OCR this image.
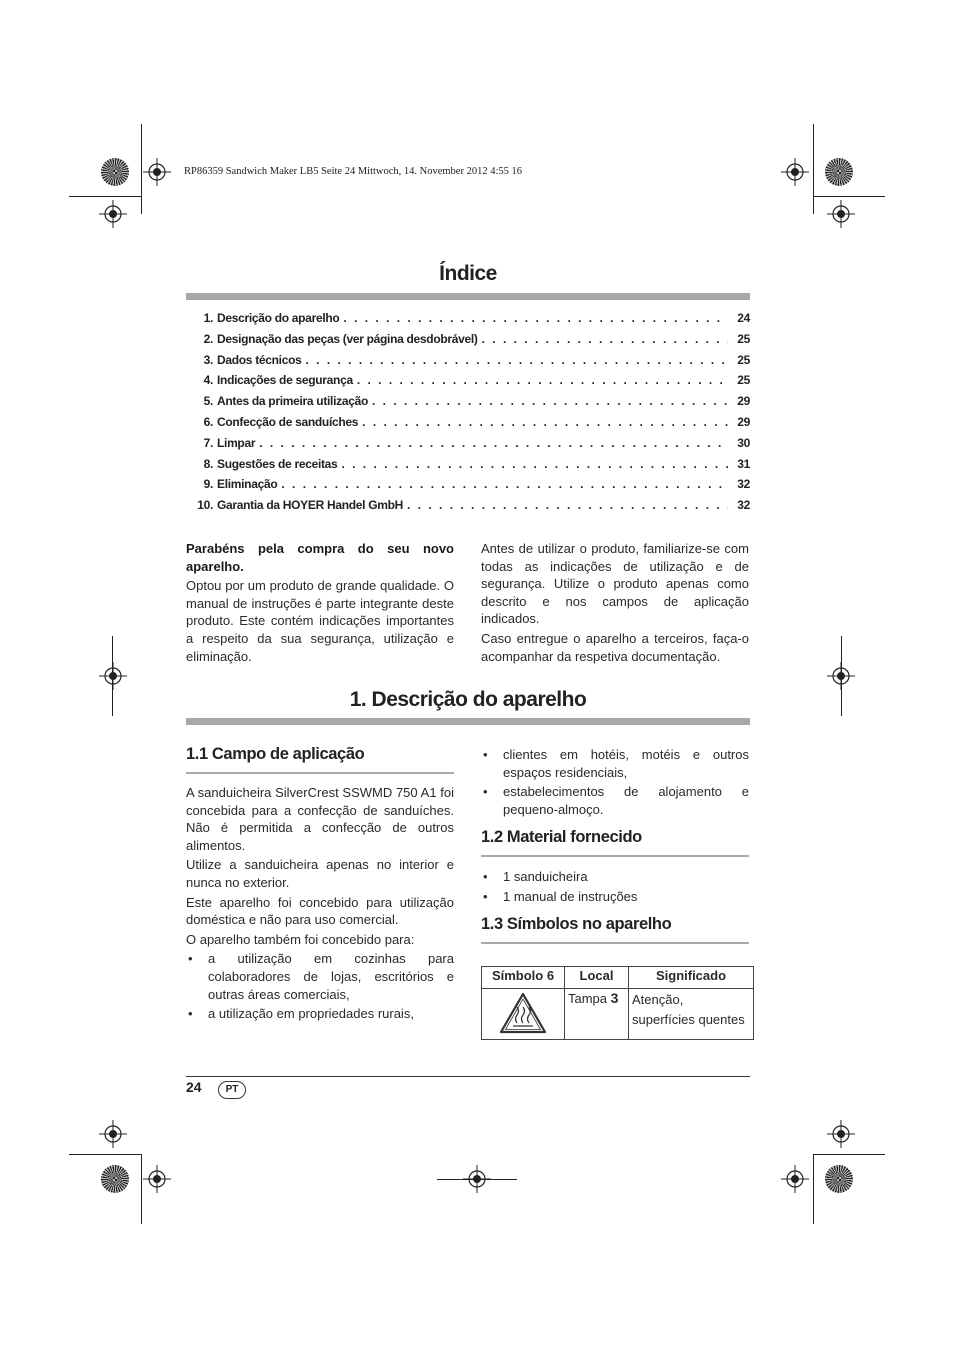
RP86359 Sandwich Maker LB5 Seite 24 Mittwoch, 14. November 2012 4:55 16
Índice
1. Descrição do aparelho . . .	24
2. Designação das peças (ver página desdobrável) . . .	25
3. Dados técnicos . . .	25
4. Indicações de segurança . . .	25
5. Antes da primeira utilização . . .	29
6. Confecção de sanduíches . . .	29
7. Limpar . . .	30
8. Sugestões de receitas . . .	31
9. Eliminação . . .	32
10. Garantia da HOYER Handel GmbH . . .	32

Parabéns pela compra do seu novo aparelho.

Optou por um produto de grande qualidade. O manual de instruções é parte integrante deste produto. Este contém indicações importantes a respeito da sua segurança, utilização e eliminação.

Antes de utilizar o produto, familiarize-se com todas as indicações de utilização e de segurança. Utilize o produto apenas como descrito e nos campos de aplicação indicados.

Caso entregue o aparelho a terceiros, faça-o acompanhar da respetiva documentação.

1. Descrição do aparelho
1.1 Campo de aplicação

A sanduicheira SilverCrest SSWMD 750 A1 foi concebida para a confecção de sanduíches. Não é permitida a confecção de outros alimentos.

Utilize a sanduicheira apenas no interior e nunca no exterior.

Este aparelho foi concebido para utilização doméstica e não para uso comercial.

O aparelho também foi concebido para:

• a utilização em cozinhas para colaboradores de lojas, escritórios e outras áreas comerciais,
• a utilização em propriedades rurais,
• clientes em hotéis, motéis e outros espaços residenciais,
• estabelecimentos de alojamento e pequeno-almoço.
1.2 Material fornecido
• 1 sanduicheira
• 1 manual de instruções
1.3 Símbolos no aparelho
Símbolo 6	Local	Significado
	Tampa 3	Atenção,
superfícies quentes
24	PT
